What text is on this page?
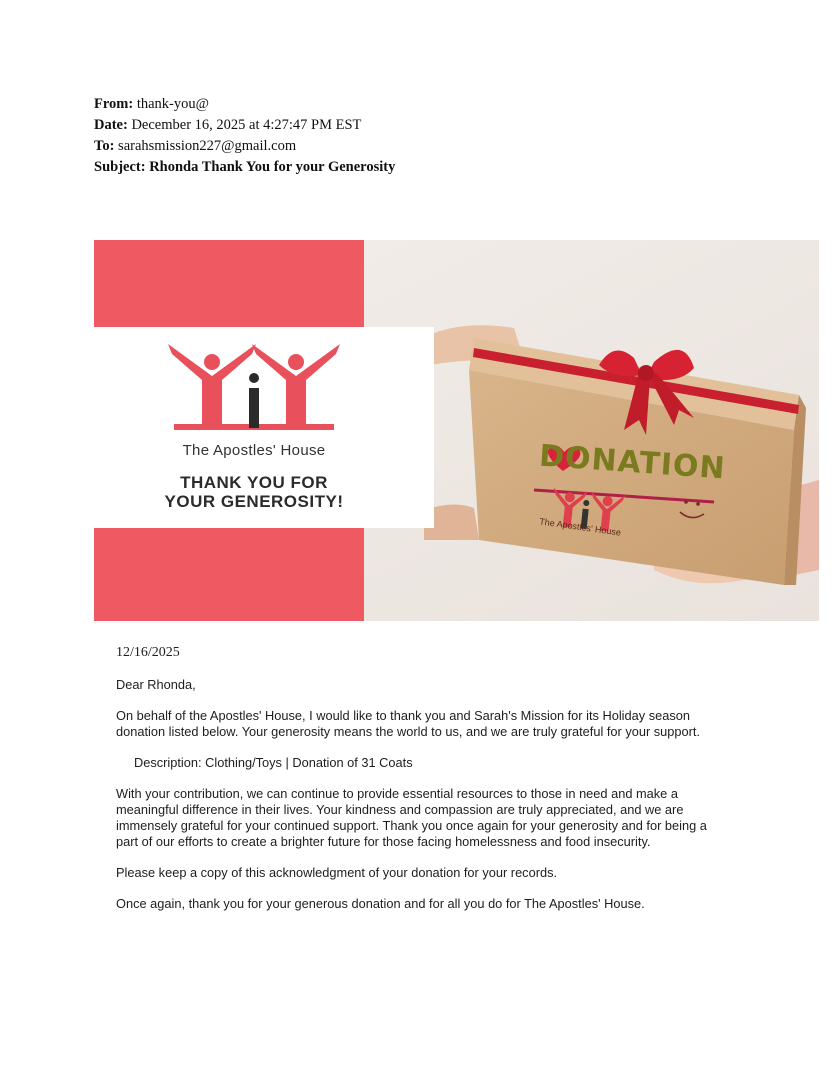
From: thank-you@
Date: December 16, 2025 at 4:27:47 PM EST
To: sarahsmission227@gmail.com
Subject: Rhonda Thank You for your Generosity
The Apostles' House
THANK YOU FOR
YOUR GENEROSITY!
DONATION
The Apostles' House
12/16/2025

Dear Rhonda,

On behalf of the Apostles' House, I would like to thank you and Sarah's Mission for its Holiday season donation listed below. Your generosity means the world to us, and we are truly grateful for your support.

Description: Clothing/Toys | Donation of 31 Coats

With your contribution, we can continue to provide essential resources to those in need and make a meaningful difference in their lives. Your kindness and compassion are truly appreciated, and we are immensely grateful for your continued support. Thank you once again for your generosity and for being a part of our efforts to create a brighter future for those facing homelessness and food insecurity.

Please keep a copy of this acknowledgment of your donation for your records.

Once again, thank you for your generous donation and for all you do for The Apostles' House.
